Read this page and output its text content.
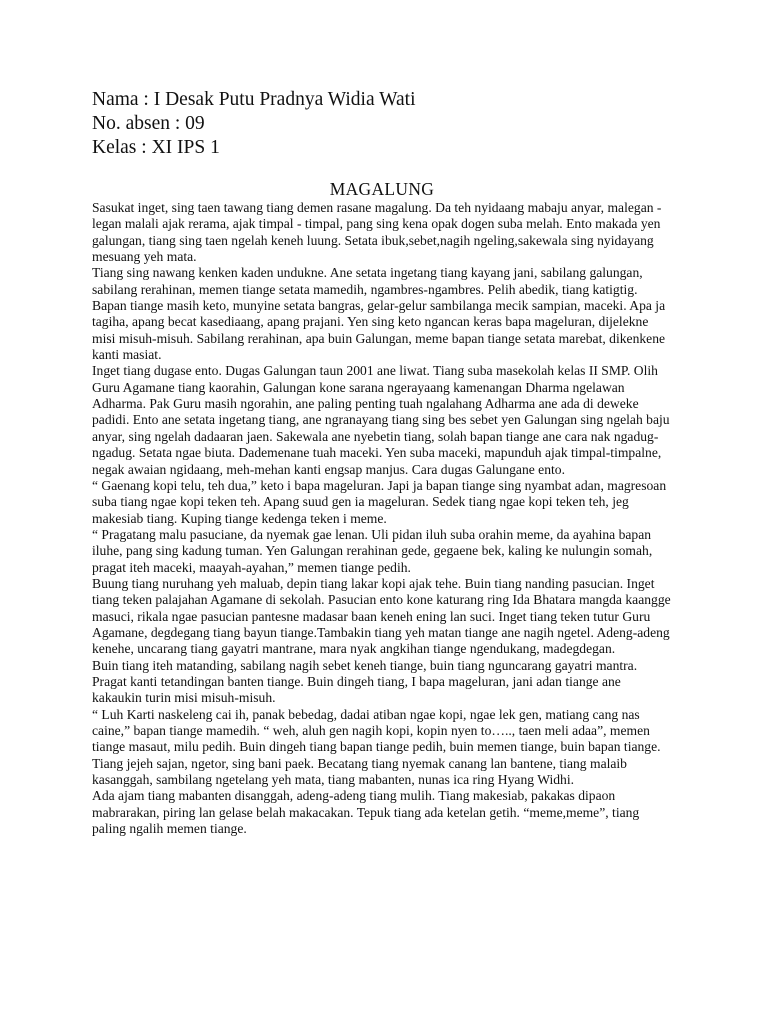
Nama : I Desak Putu Pradnya Widia Wati
No. absen : 09
Kelas : XI IPS 1
MAGALUNG

Sasukat inget, sing taen tawang tiang demen rasane magalung. Da teh nyidaang mabaju anyar, malegan - legan malali ajak rerama, ajak timpal - timpal, pang sing kena opak dogen suba melah. Ento makada yen galungan, tiang sing taen ngelah keneh luung. Setata ibuk,sebet,nagih ngeling,sakewala sing nyidayang mesuang yeh mata.

Tiang sing nawang kenken kaden undukne. Ane setata ingetang tiang kayang jani, sabilang galungan, sabilang rerahinan, memen tiange setata mamedih, ngambres-ngambres. Pelih abedik, tiang katigtig.

Bapan tiange masih keto, munyine setata bangras, gelar-gelur sambilanga mecik sampian, maceki. Apa ja tagiha, apang becat kasediaang, apang prajani. Yen sing keto ngancan keras bapa mageluran, dijelekne misi misuh-misuh. Sabilang rerahinan, apa buin Galungan, meme bapan tiange setata marebat, dikenkene kanti masiat.

Inget tiang dugase ento. Dugas Galungan taun 2001 ane liwat. Tiang suba masekolah kelas II SMP. Olih Guru Agamane tiang kaorahin, Galungan kone sarana ngerayaang kamenangan Dharma ngelawan Adharma. Pak Guru masih ngorahin, ane paling penting tuah ngalahang Adharma ane ada di deweke padidi. Ento ane setata ingetang tiang, ane ngranayang tiang sing bes sebet yen Galungan sing ngelah baju anyar, sing ngelah dadaaran jaen. Sakewala ane nyebetin tiang, solah bapan tiange ane cara nak ngadug-ngadug. Setata ngae biuta. Dademenane tuah maceki. Yen suba maceki, mapunduh ajak timpal-timpalne, negak awaian ngidaang, meh-mehan kanti engsap manjus. Cara dugas Galungane ento.

“ Gaenang kopi telu, teh dua,” keto i bapa mageluran. Japi ja bapan tiange sing nyambat adan, magresoan suba tiang ngae kopi teken teh. Apang suud gen ia mageluran. Sedek tiang ngae kopi teken teh, jeg makesiab tiang. Kuping tiange kedenga teken i meme.

“ Pragatang malu pasuciane, da nyemak gae lenan. Uli pidan iluh suba orahin meme, da ayahina bapan iluhe, pang sing kadung tuman. Yen Galungan rerahinan gede, gegaene bek, kaling ke nulungin somah, pragat iteh maceki, maayah-ayahan,” memen tiange pedih.

Buung tiang nuruhang yeh maluab, depin tiang lakar kopi ajak tehe. Buin tiang nanding pasucian. Inget tiang teken palajahan Agamane di sekolah. Pasucian ento kone katurang ring Ida Bhatara mangda kaangge masuci, rikala ngae pasucian pantesne madasar baan keneh ening lan suci. Inget tiang teken tutur Guru Agamane, degdegang tiang bayun tiange.Tambakin tiang yeh matan tiange ane nagih ngetel. Adeng-adeng kenehe, uncarang tiang gayatri mantrane, mara nyak angkihan tiange ngendukang, madegdegan.

Buin tiang iteh matanding, sabilang nagih sebet keneh tiange, buin tiang nguncarang gayatri mantra. Pragat kanti tetandingan banten tiange. Buin dingeh tiang, I bapa mageluran, jani adan tiange ane kakaukin turin misi misuh-misuh.

“ Luh Karti naskeleng cai ih, panak bebedag, dadai atiban ngae kopi, ngae lek gen, matiang cang nas caine,” bapan tiange mamedih. “ weh, aluh gen nagih kopi, kopin nyen to….., taen meli adaa”, memen tiange masaut, milu pedih. Buin dingeh tiang bapan tiange pedih, buin memen tiange, buin bapan tiange. Tiang jejeh sajan, ngetor, sing bani paek. Becatang tiang nyemak canang lan bantene, tiang malaib kasanggah, sambilang ngetelang yeh mata, tiang mabanten, nunas ica ring Hyang Widhi.

Ada ajam tiang mabanten disanggah, adeng-adeng tiang mulih. Tiang makesiab, pakakas dipaon mabrarakan, piring lan gelase belah makacakan. Tepuk tiang ada ketelan getih. “meme,meme”, tiang paling ngalih memen tiange.
